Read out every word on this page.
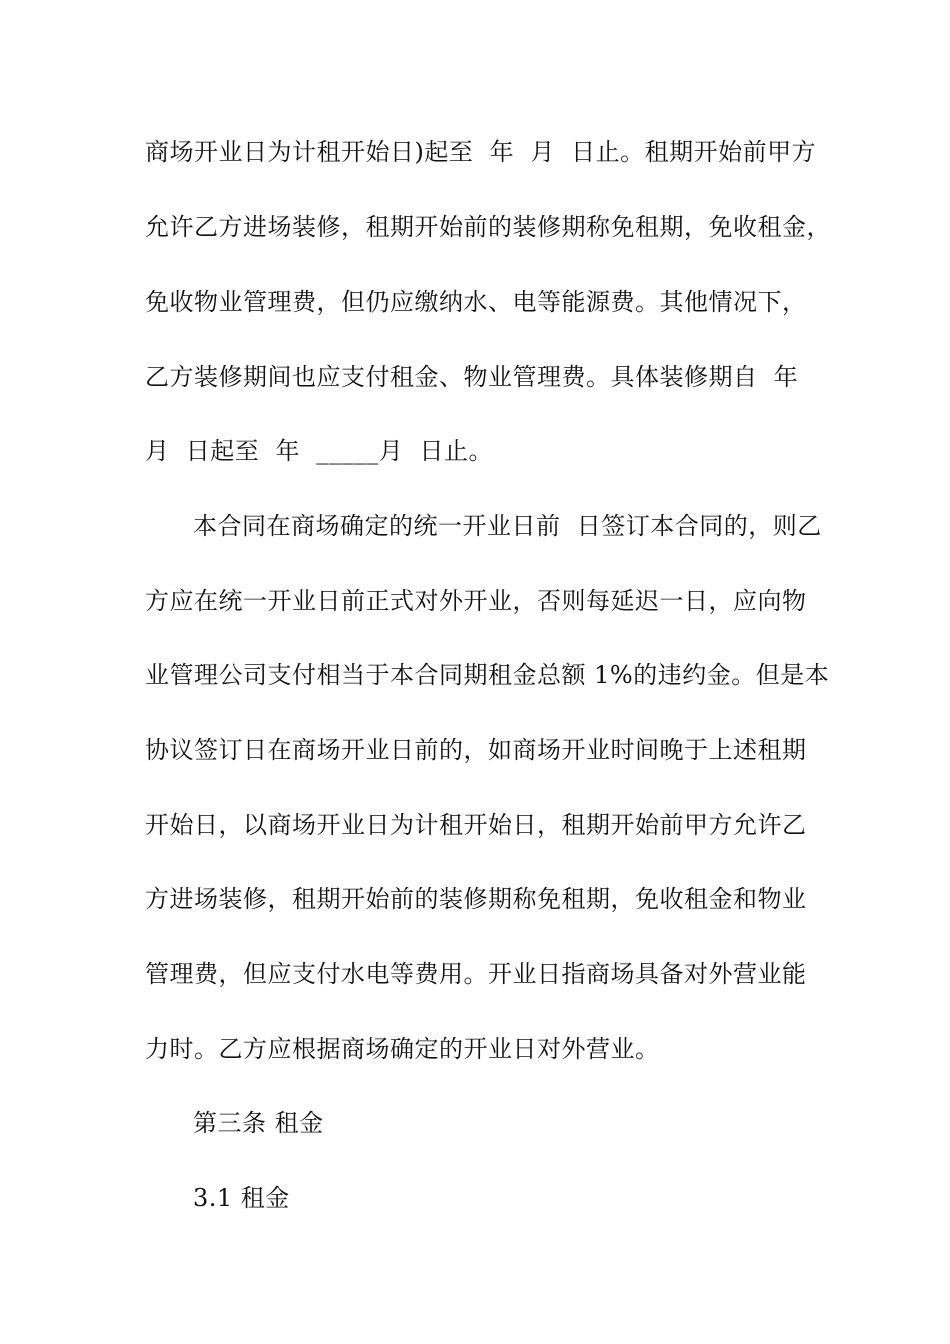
商场开业日为计租开始日)起至  年  月  日止。租期开始前甲方
允许乙方进场装修，租期开始前的装修期称免租期，免收租金，
免收物业管理费，但仍应缴纳水、电等能源费。其他情况下，
乙方装修期间也应支付租金、物业管理费。具体装修期自  年
月  日起至  年  _____月  日止。
本合同在商场确定的统一开业日前  日签订本合同的，则乙
方应在统一开业日前正式对外开业，否则每延迟一日，应向物
业管理公司支付相当于本合同期租金总额 1%的违约金。但是本
协议签订日在商场开业日前的，如商场开业时间晚于上述租期
开始日，以商场开业日为计租开始日，租期开始前甲方允许乙
方进场装修，租期开始前的装修期称免租期，免收租金和物业
管理费，但应支付水电等费用。开业日指商场具备对外营业能
力时。乙方应根据商场确定的开业日对外营业。
第三条 租金
3.1 租金
